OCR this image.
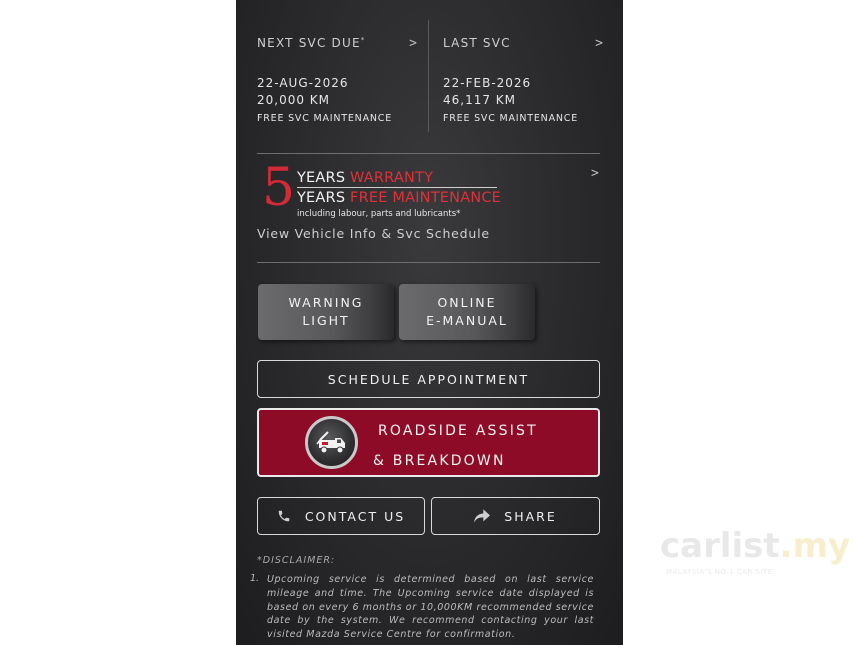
NEXT SVC DUE*	>
22-AUG-2026
20,000 KM
FREE SVC MAINTENANCE
LAST SVC	>
22-FEB-2026
46,117 KM
FREE SVC MAINTENANCE
5 YEARS WARRANTY
YEARS FREE MAINTENANCE
including labour, parts and lubricants*
>
View Vehicle Info & Svc Schedule
WARNING
LIGHT
ONLINE
E-MANUAL
SCHEDULE APPOINTMENT
ROADSIDE ASSIST
& BREAKDOWN
CONTACT US	SHARE
*DISCLAIMER:
1. Upcoming service is determined based on last service mileage and time. The Upcoming service date displayed is based on every 6 months or 10,000KM recommended service date by the system. We recommend contacting your last visited Mazda Service Centre for confirmation.
carlist.my
MALAYSIA'S NO.1 CAR SITE
